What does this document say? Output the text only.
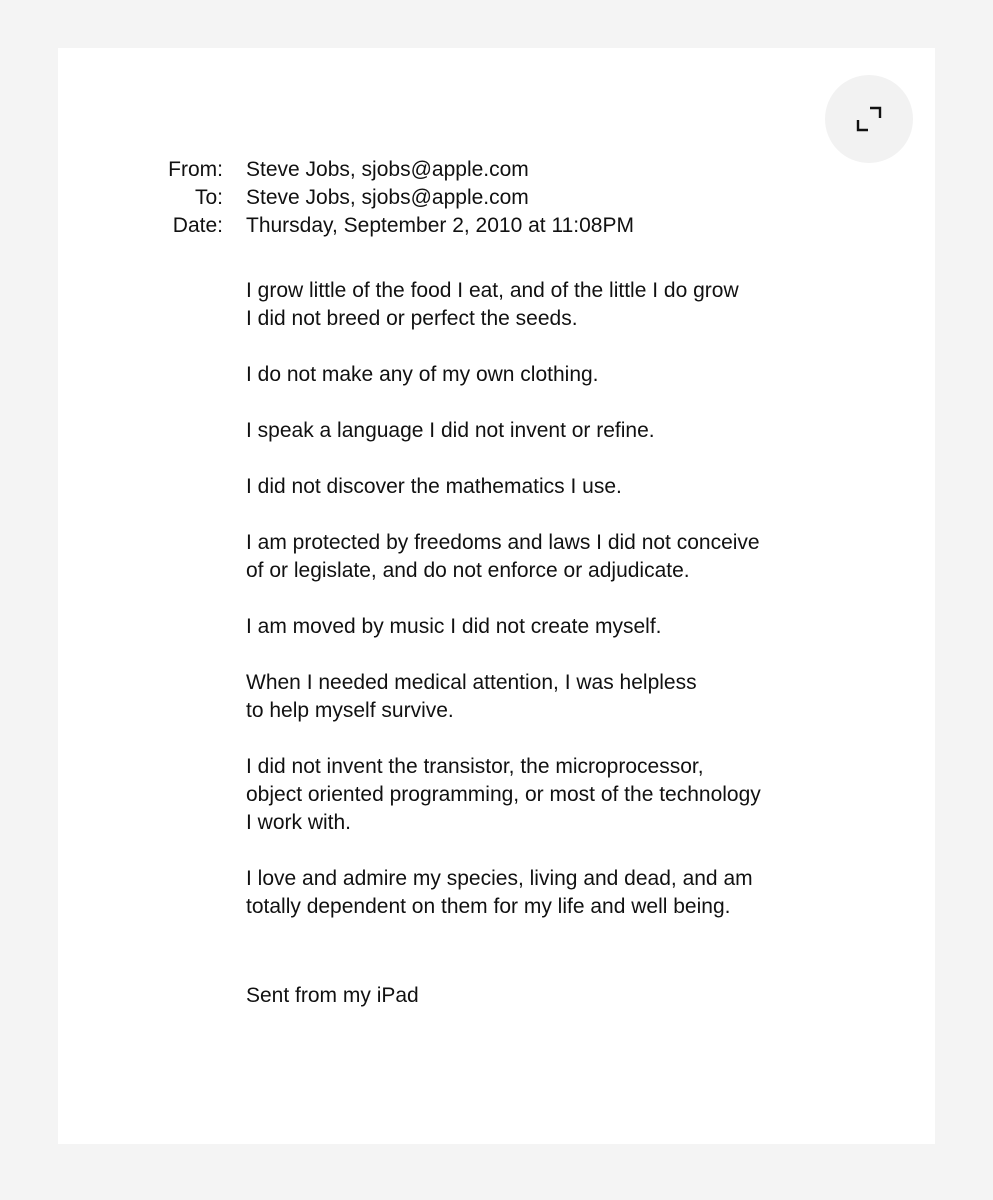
From: Steve Jobs, sjobs@apple.com
To: Steve Jobs, sjobs@apple.com
Date: Thursday, September 2, 2010 at 11:08PM

I grow little of the food I eat, and of the little I do grow
I did not breed or perfect the seeds.

I do not make any of my own clothing.

I speak a language I did not invent or refine.

I did not discover the mathematics I use.

I am protected by freedoms and laws I did not conceive
of or legislate, and do not enforce or adjudicate.

I am moved by music I did not create myself.

When I needed medical attention, I was helpless
to help myself survive.

I did not invent the transistor, the microprocessor,
object oriented programming, or most of the technology
I work with.

I love and admire my species, living and dead, and am
totally dependent on them for my life and well being.

Sent from my iPad
